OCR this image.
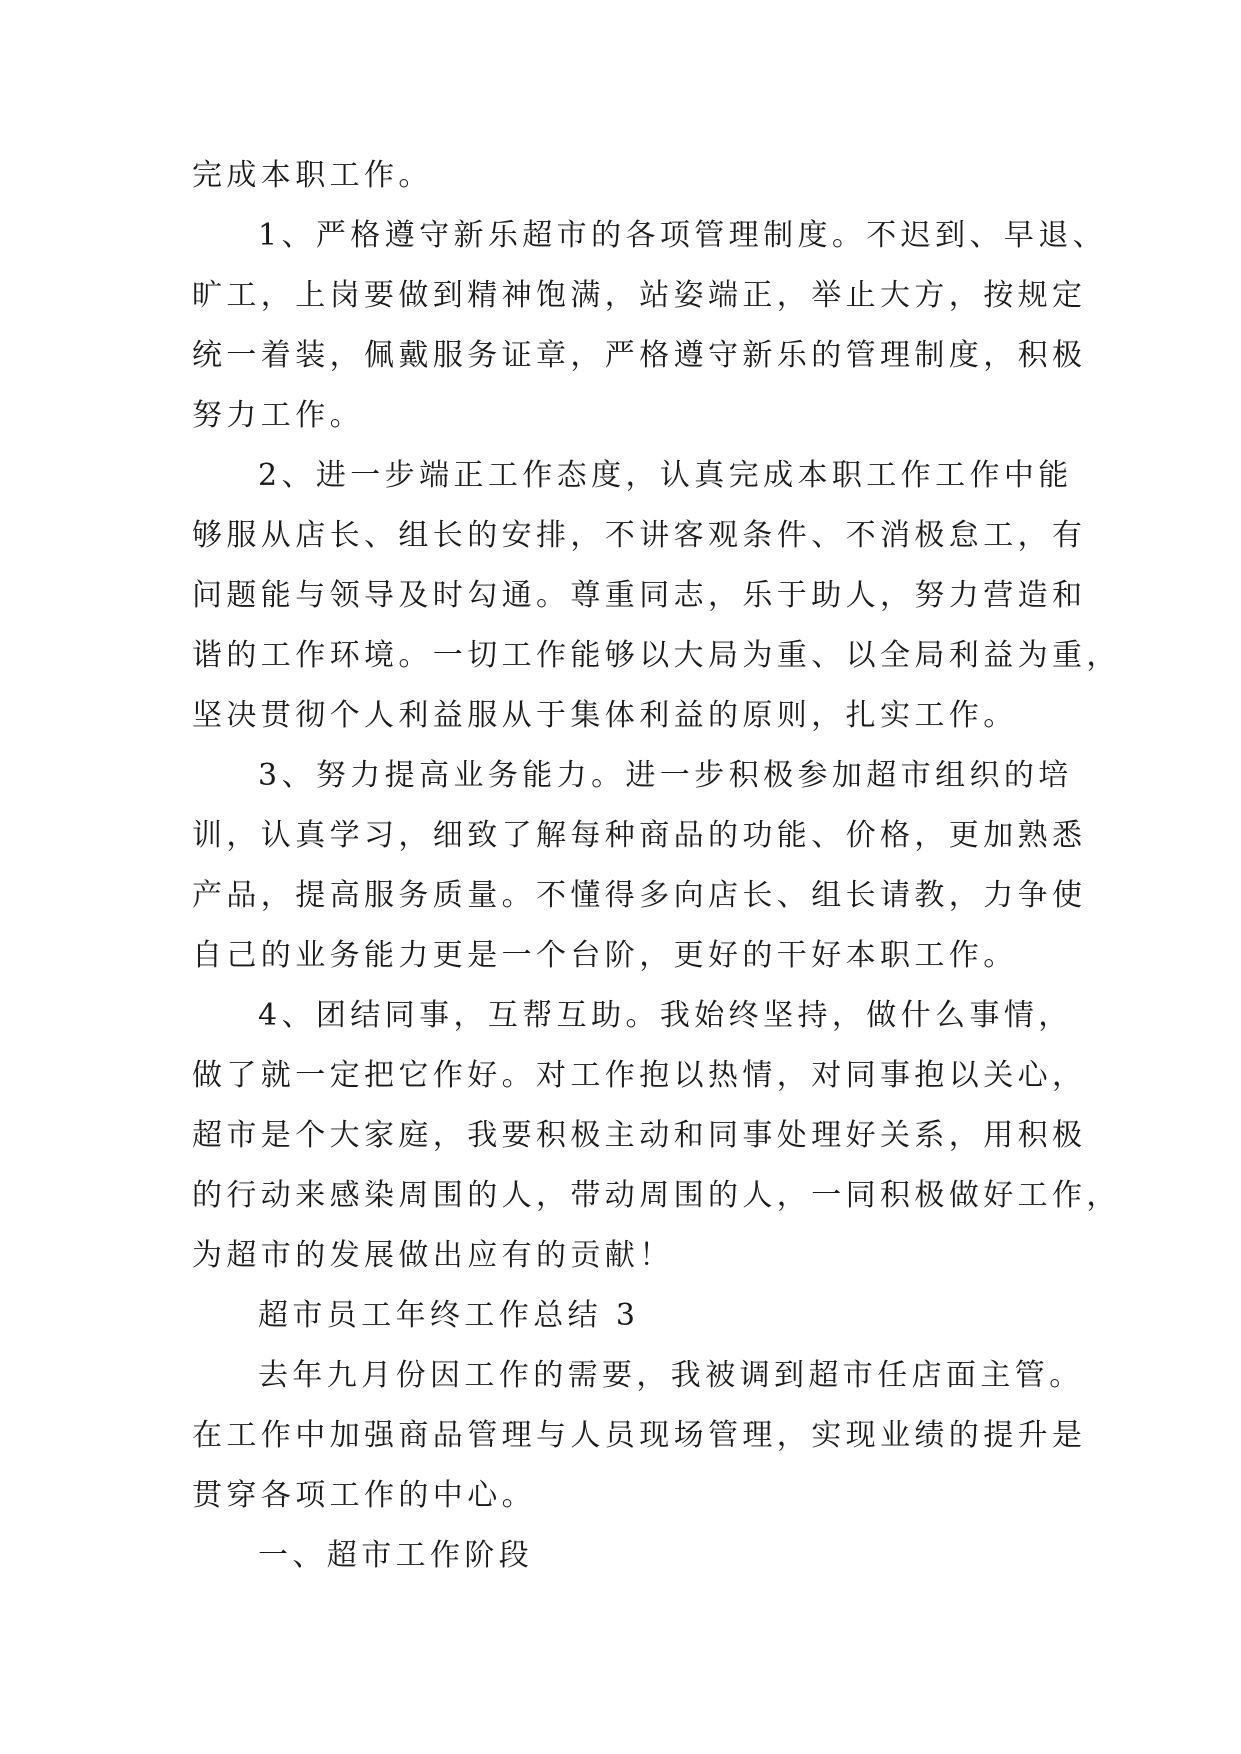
完成本职工作。
1、严格遵守新乐超市的各项管理制度。不迟到、早退、
旷工，上岗要做到精神饱满，站姿端正，举止大方，按规定
统一着装，佩戴服务证章，严格遵守新乐的管理制度，积极
努力工作。
2、进一步端正工作态度，认真完成本职工作工作中能
够服从店长、组长的安排，不讲客观条件、不消极怠工，有
问题能与领导及时勾通。尊重同志，乐于助人，努力营造和
谐的工作环境。一切工作能够以大局为重、以全局利益为重，
坚决贯彻个人利益服从于集体利益的原则，扎实工作。
3、努力提高业务能力。进一步积极参加超市组织的培
训，认真学习，细致了解每种商品的功能、价格，更加熟悉
产品，提高服务质量。不懂得多向店长、组长请教，力争使
自己的业务能力更是一个台阶，更好的干好本职工作。
4、团结同事，互帮互助。我始终坚持，做什么事情，
做了就一定把它作好。对工作抱以热情，对同事抱以关心，
超市是个大家庭，我要积极主动和同事处理好关系，用积极
的行动来感染周围的人，带动周围的人，一同积极做好工作，
为超市的发展做出应有的贡献！
超市员工年终工作总结 3
去年九月份因工作的需要，我被调到超市任店面主管。
在工作中加强商品管理与人员现场管理，实现业绩的提升是
贯穿各项工作的中心。
一、超市工作阶段
